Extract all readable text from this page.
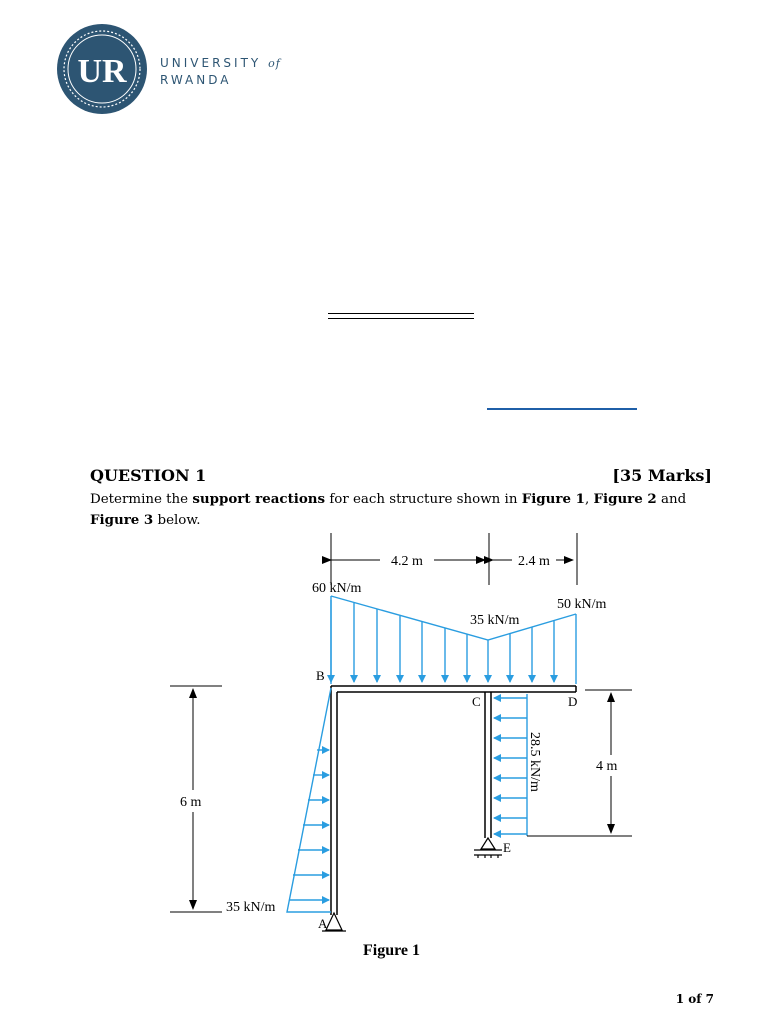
UR	UNIVERSITY of
RWANDA
QUESTION 1	[35 Marks]
Determine the support reactions for each structure shown in Figure 1, Figure 2 and Figure 3 below.
4.2 m	2.4 m
60 kN/m
35 kN/m
50 kN/m
35 kN/m
28.5 kN/m
B
C	D
A
E
6 m
4 m
Figure 1
1 of 7
